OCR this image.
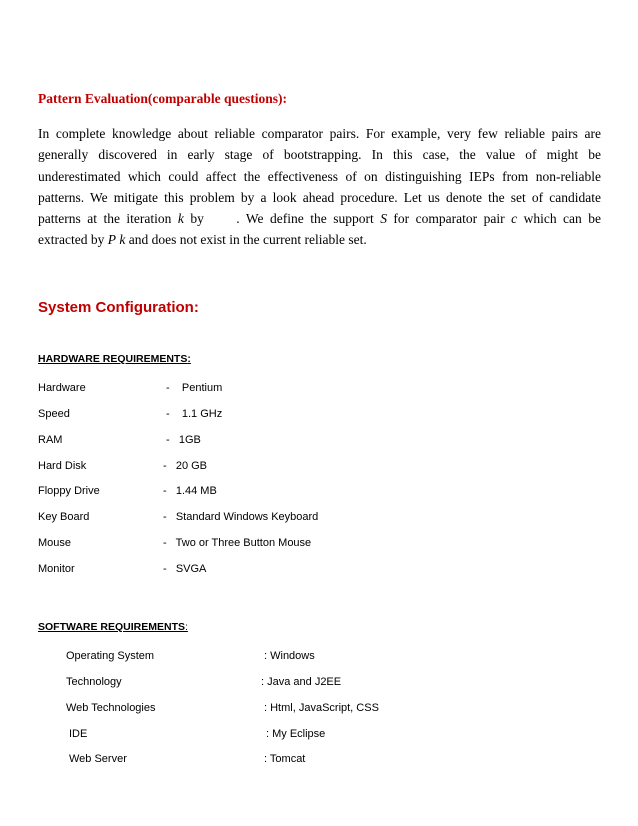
Pattern Evaluation(comparable questions):
In complete knowledge about reliable comparator pairs. For example, very few reliable pairs are
generally discovered in early stage of bootstrapping. In this case, the value of might be
underestimated which could affect the effectiveness of on distinguishing IEPs from non-reliable
patterns. We mitigate this problem by a look ahead procedure. Let us denote the set of candidate
patterns at the iteration k by     . We define the support S for comparator pair c which can be
extracted by P k and does not exist in the current reliable set.
System Configuration:
HARDWARE REQUIREMENTS:
Hardware	-    Pentium
Speed	-    1.1 GHz
RAM	-   1GB
Hard Disk	-   20 GB
Floppy Drive	-   1.44 MB
Key Board	-   Standard Windows Keyboard
Mouse	-   Two or Three Button Mouse
Monitor	-   SVGA
SOFTWARE REQUIREMENTS:
Operating System	: Windows
Technology	: Java and J2EE
Web Technologies	: Html, JavaScript, CSS
IDE	: My Eclipse
Web Server	: Tomcat
